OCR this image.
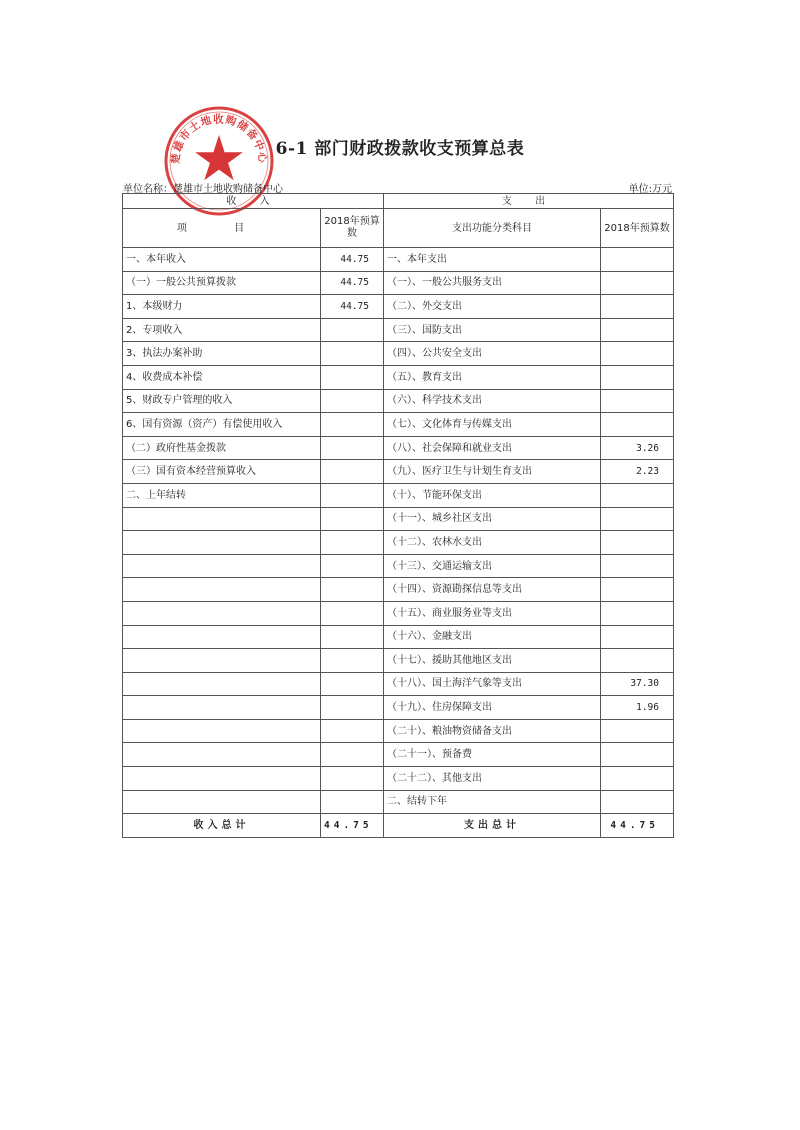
楚雄市土地收购储备中心 6-1 部门财政拨款收支预算总表
单位名称：楚雄市土地收购储备中心	单位:万元
收 入		支 出	
项 目	2018年预算数	支出功能分类科目	2018年预算数
一、本年收入	44.75	一、本年支出	
（一）一般公共预算拨款	44.75	（一）、一般公共服务支出	
1、本级财力	44.75	（二）、外交支出	
2、专项收入		（三）、国防支出	
3、执法办案补助		（四）、公共安全支出	
4、收费成本补偿		（五）、教育支出	
5、财政专户管理的收入		（六）、科学技术支出	
6、国有资源（资产）有偿使用收入		（七）、文化体育与传媒支出	
（二）政府性基金拨款		（八）、社会保障和就业支出	3.26
（三）国有资本经营预算收入		（九）、医疗卫生与计划生育支出	2.23
二、上年结转		（十）、节能环保支出	
		（十一）、城乡社区支出	
		（十二）、农林水支出	
		（十三）、交通运输支出	
		（十四）、资源勘探信息等支出	
		（十五）、商业服务业等支出	
		（十六）、金融支出	
		（十七）、援助其他地区支出	
		（十八）、国土海洋气象等支出	37.30
		（十九）、住房保障支出	1.96
		（二十）、粮油物资储备支出	
		（二十一）、预备费	
		（二十二）、其他支出	
		二、结转下年	
收入总计	44.75	支出总计	44.75
